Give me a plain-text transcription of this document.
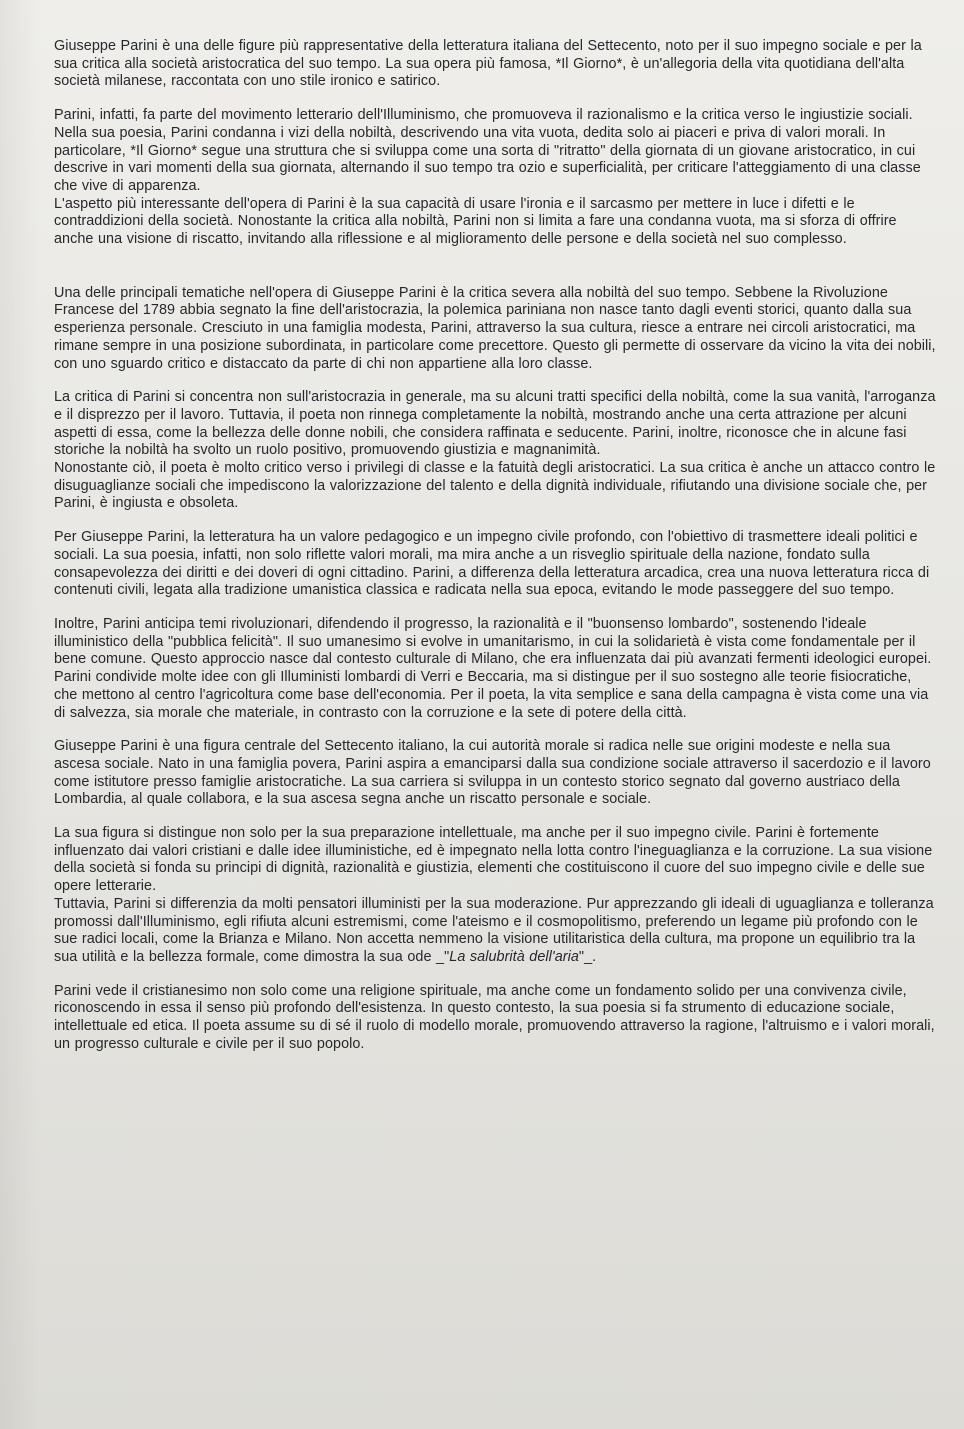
Giuseppe Parini è una delle figure più rappresentative della letteratura italiana del Settecento, noto per il suo impegno sociale e per la sua critica alla società aristocratica del suo tempo. La sua opera più famosa, *Il Giorno*, è un'allegoria della vita quotidiana dell'alta società milanese, raccontata con uno stile ironico e satirico.

Parini, infatti, fa parte del movimento letterario dell'Illuminismo, che promuoveva il razionalismo e la critica verso le ingiustizie sociali. Nella sua poesia, Parini condanna i vizi della nobiltà, descrivendo una vita vuota, dedita solo ai piaceri e priva di valori morali. In particolare, *Il Giorno* segue una struttura che si sviluppa come una sorta di "ritratto" della giornata di un giovane aristocratico, in cui descrive in vari momenti della sua giornata, alternando il suo tempo tra ozio e superficialità, per criticare l'atteggiamento di una classe che vive di apparenza.

L'aspetto più interessante dell'opera di Parini è la sua capacità di usare l'ironia e il sarcasmo per mettere in luce i difetti e le contraddizioni della società. Nonostante la critica alla nobiltà, Parini non si limita a fare una condanna vuota, ma si sforza di offrire anche una visione di riscatto, invitando alla riflessione e al miglioramento delle persone e della società nel suo complesso.

Una delle principali tematiche nell'opera di Giuseppe Parini è la critica severa alla nobiltà del suo tempo. Sebbene la Rivoluzione Francese del 1789 abbia segnato la fine dell'aristocrazia, la polemica pariniana non nasce tanto dagli eventi storici, quanto dalla sua esperienza personale. Cresciuto in una famiglia modesta, Parini, attraverso la sua cultura, riesce a entrare nei circoli aristocratici, ma rimane sempre in una posizione subordinata, in particolare come precettore. Questo gli permette di osservare da vicino la vita dei nobili, con uno sguardo critico e distaccato da parte di chi non appartiene alla loro classe.

La critica di Parini si concentra non sull'aristocrazia in generale, ma su alcuni tratti specifici della nobiltà, come la sua vanità, l'arroganza e il disprezzo per il lavoro. Tuttavia, il poeta non rinnega completamente la nobiltà, mostrando anche una certa attrazione per alcuni aspetti di essa, come la bellezza delle donne nobili, che considera raffinata e seducente. Parini, inoltre, riconosce che in alcune fasi storiche la nobiltà ha svolto un ruolo positivo, promuovendo giustizia e magnanimità.

Nonostante ciò, il poeta è molto critico verso i privilegi di classe e la fatuità degli aristocratici. La sua critica è anche un attacco contro le disuguaglianze sociali che impediscono la valorizzazione del talento e della dignità individuale, rifiutando una divisione sociale che, per Parini, è ingiusta e obsoleta.

Per Giuseppe Parini, la letteratura ha un valore pedagogico e un impegno civile profondo, con l'obiettivo di trasmettere ideali politici e sociali. La sua poesia, infatti, non solo riflette valori morali, ma mira anche a un risveglio spirituale della nazione, fondato sulla consapevolezza dei diritti e dei doveri di ogni cittadino. Parini, a differenza della letteratura arcadica, crea una nuova letteratura ricca di contenuti civili, legata alla tradizione umanistica classica e radicata nella sua epoca, evitando le mode passeggere del suo tempo.

Inoltre, Parini anticipa temi rivoluzionari, difendendo il progresso, la razionalità e il "buonsenso lombardo", sostenendo l'ideale illuministico della "pubblica felicità". Il suo umanesimo si evolve in umanitarismo, in cui la solidarietà è vista come fondamentale per il bene comune. Questo approccio nasce dal contesto culturale di Milano, che era influenzata dai più avanzati fermenti ideologici europei.

Parini condivide molte idee con gli Illuministi lombardi di Verri e Beccaria, ma si distingue per il suo sostegno alle teorie fisiocratiche, che mettono al centro l'agricoltura come base dell'economia. Per il poeta, la vita semplice e sana della campagna è vista come una via di salvezza, sia morale che materiale, in contrasto con la corruzione e la sete di potere della città.

Giuseppe Parini è una figura centrale del Settecento italiano, la cui autorità morale si radica nelle sue origini modeste e nella sua ascesa sociale. Nato in una famiglia povera, Parini aspira a emanciparsi dalla sua condizione sociale attraverso il sacerdozio e il lavoro come istitutore presso famiglie aristocratiche. La sua carriera si sviluppa in un contesto storico segnato dal governo austriaco della Lombardia, al quale collabora, e la sua ascesa segna anche un riscatto personale e sociale.

La sua figura si distingue non solo per la sua preparazione intellettuale, ma anche per il suo impegno civile. Parini è fortemente influenzato dai valori cristiani e dalle idee illuministiche, ed è impegnato nella lotta contro l'ineguaglianza e la corruzione. La sua visione della società si fonda su principi di dignità, razionalità e giustizia, elementi che costituiscono il cuore del suo impegno civile e delle sue opere letterarie.

Tuttavia, Parini si differenzia da molti pensatori illuministi per la sua moderazione. Pur apprezzando gli ideali di uguaglianza e tolleranza promossi dall'Illuminismo, egli rifiuta alcuni estremismi, come l'ateismo e il cosmopolitismo, preferendo un legame più profondo con le sue radici locali, come la Brianza e Milano. Non accetta nemmeno la visione utilitaristica della cultura, ma propone un equilibrio tra la sua utilità e la bellezza formale, come dimostra la sua ode _"La salubrità dell'aria"_.

Parini vede il cristianesimo non solo come una religione spirituale, ma anche come un fondamento solido per una convivenza civile, riconoscendo in essa il senso più profondo dell'esistenza. In questo contesto, la sua poesia si fa strumento di educazione sociale, intellettuale ed etica. Il poeta assume su di sé il ruolo di modello morale, promuovendo attraverso la ragione, l'altruismo e i valori morali, un progresso culturale e civile per il suo popolo.
